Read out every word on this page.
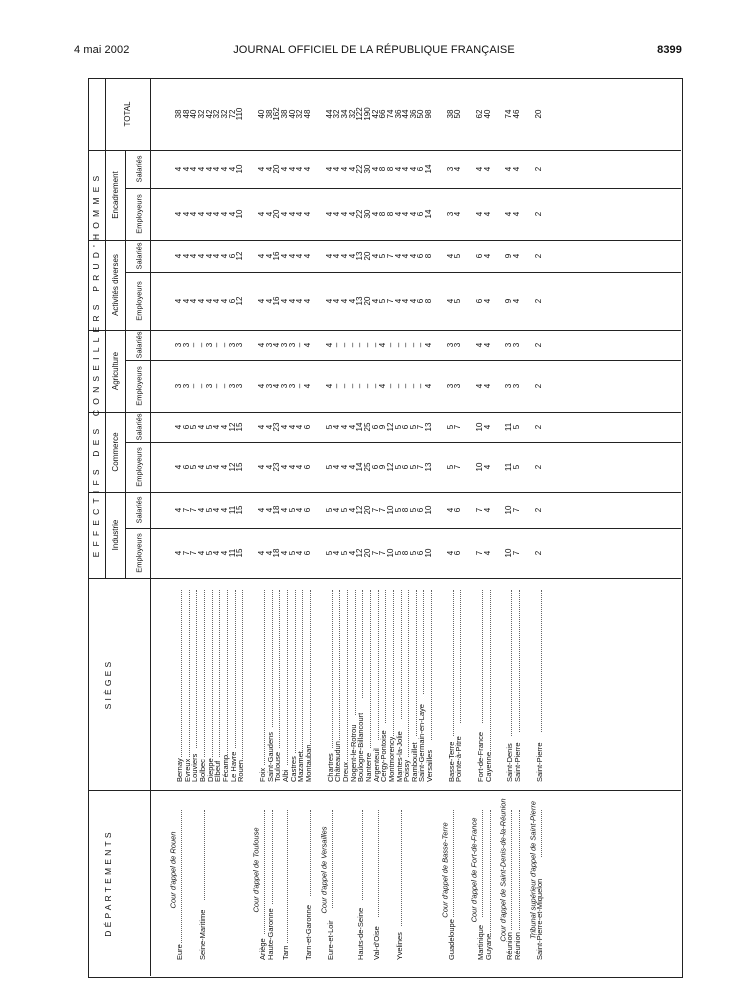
4 mai 2002	JOURNAL OFFICIEL DE LA RÉPUBLIQUE FRANÇAISE	8399
DÉPARTEMENTS
SIÈGES
EFFECTIFS DES CONSEILLERS PRUD'HOMMES
TOTAL
Industrie Employeurs
Salariés
Commerce Employeurs
Salariés
Agriculture Employeurs
Salariés
Activités diverses Employeurs
Salariés
Encadrement Employeurs
Salariés
Cour d'appel de Rouen
Eure
Bernay
4
4
4
4
3
3
4
4
4
4
38
Evreux
7
7
6
6
3
3
4
4
4
4
48
Louviers
7
7
5
5
–
–
4
4
4
4
40
Seine-Maritime
Bolbec
4
4
4
4
–
–
4
4
4
4
32
Dieppe
5
5
5
5
3
3
4
4
4
4
42
Elbeuf
4
4
4
4
–
–
4
4
4
4
32
Fécamp
4
4
4
4
–
–
4
4
4
4
32
Le Havre
11
11
12
12
3
3
6
6
4
4
72
Rouen
15
15
15
15
3
3
12
12
10
10
110
Cour d'appel de Toulouse
Ariège
Foix
4
4
4
4
4
4
4
4
4
4
40
Haute-Garonne
Saint-Gaudens
4
4
4
4
3
3
4
4
4
4
38
Toulouse
18
18
23
23
4
4
16
16
20
20
162
Tarn
Albi
4
4
4
4
3
3
4
4
4
4
38
Castres
5
5
4
4
3
3
4
4
4
4
40
Mazamet
4
4
4
4
–
–
4
4
4
4
32
Tarn-et-Garonne
Montauban
6
6
6
6
4
4
4
4
4
4
48
Cour d'appel de Versailles
Eure-et-Loir
Chartres
5
5
5
5
4
4
4
4
4
4
44
Châteaudun
4
4
4
4
–
–
4
4
4
4
32
Dreux
5
5
4
4
–
–
4
4
4
4
34
Nogent-le-Rotrou
4
4
4
4
–
–
4
4
4
4
32
Hauts-de-Seine
Boulogne-Billancourt
12
12
14
14
–
–
13
13
22
22
122
Nanterre
20
20
25
25
–
–
20
20
30
30
190
Val-d'Oise
Argenteuil
7
7
6
6
–
–
4
4
4
4
42
Cergy-Pontoise
7
7
9
9
4
4
5
5
8
8
66
Montmorency
10
10
12
12
–
–
7
7
8
8
74
Yvelines
Mantes-la-Jolie
5
5
5
5
–
–
4
4
4
4
36
Poissy
8
8
6
6
–
–
4
4
4
4
44
Rambouillet
5
5
5
5
–
–
4
4
4
4
36
Saint-Germain-en-Laye
6
6
7
7
–
–
6
6
6
6
50
Versailles
10
10
13
13
4
4
8
8
14
14
98
Cour d'appel de Basse-Terre
Guadeloupe
Basse-Terre
4
4
5
5
3
3
4
4
3
3
38
Pointe-à-Pitre
6
6
7
7
3
3
5
5
4
4
50
Cour d'appel de Fort-de-France
Martinique
Fort-de-France
7
7
10
10
4
4
6
6
4
4
62
Guyane
Cayenne
4
4
4
4
4
4
4
4
4
4
40
Cour d'appel de Saint-Denis-de-la-Réunion
Réunion
Saint-Denis
10
10
11
11
3
3
9
9
4
4
74
Réunion
Saint-Pierre
7
7
5
5
3
3
4
4
4
4
46
Tribunal supérieur d'appel de Saint-Pierre
Saint-Pierre-et-Miquelon
Saint-Pierre
2
2
2
2
2
2
2
2
2
2
20
